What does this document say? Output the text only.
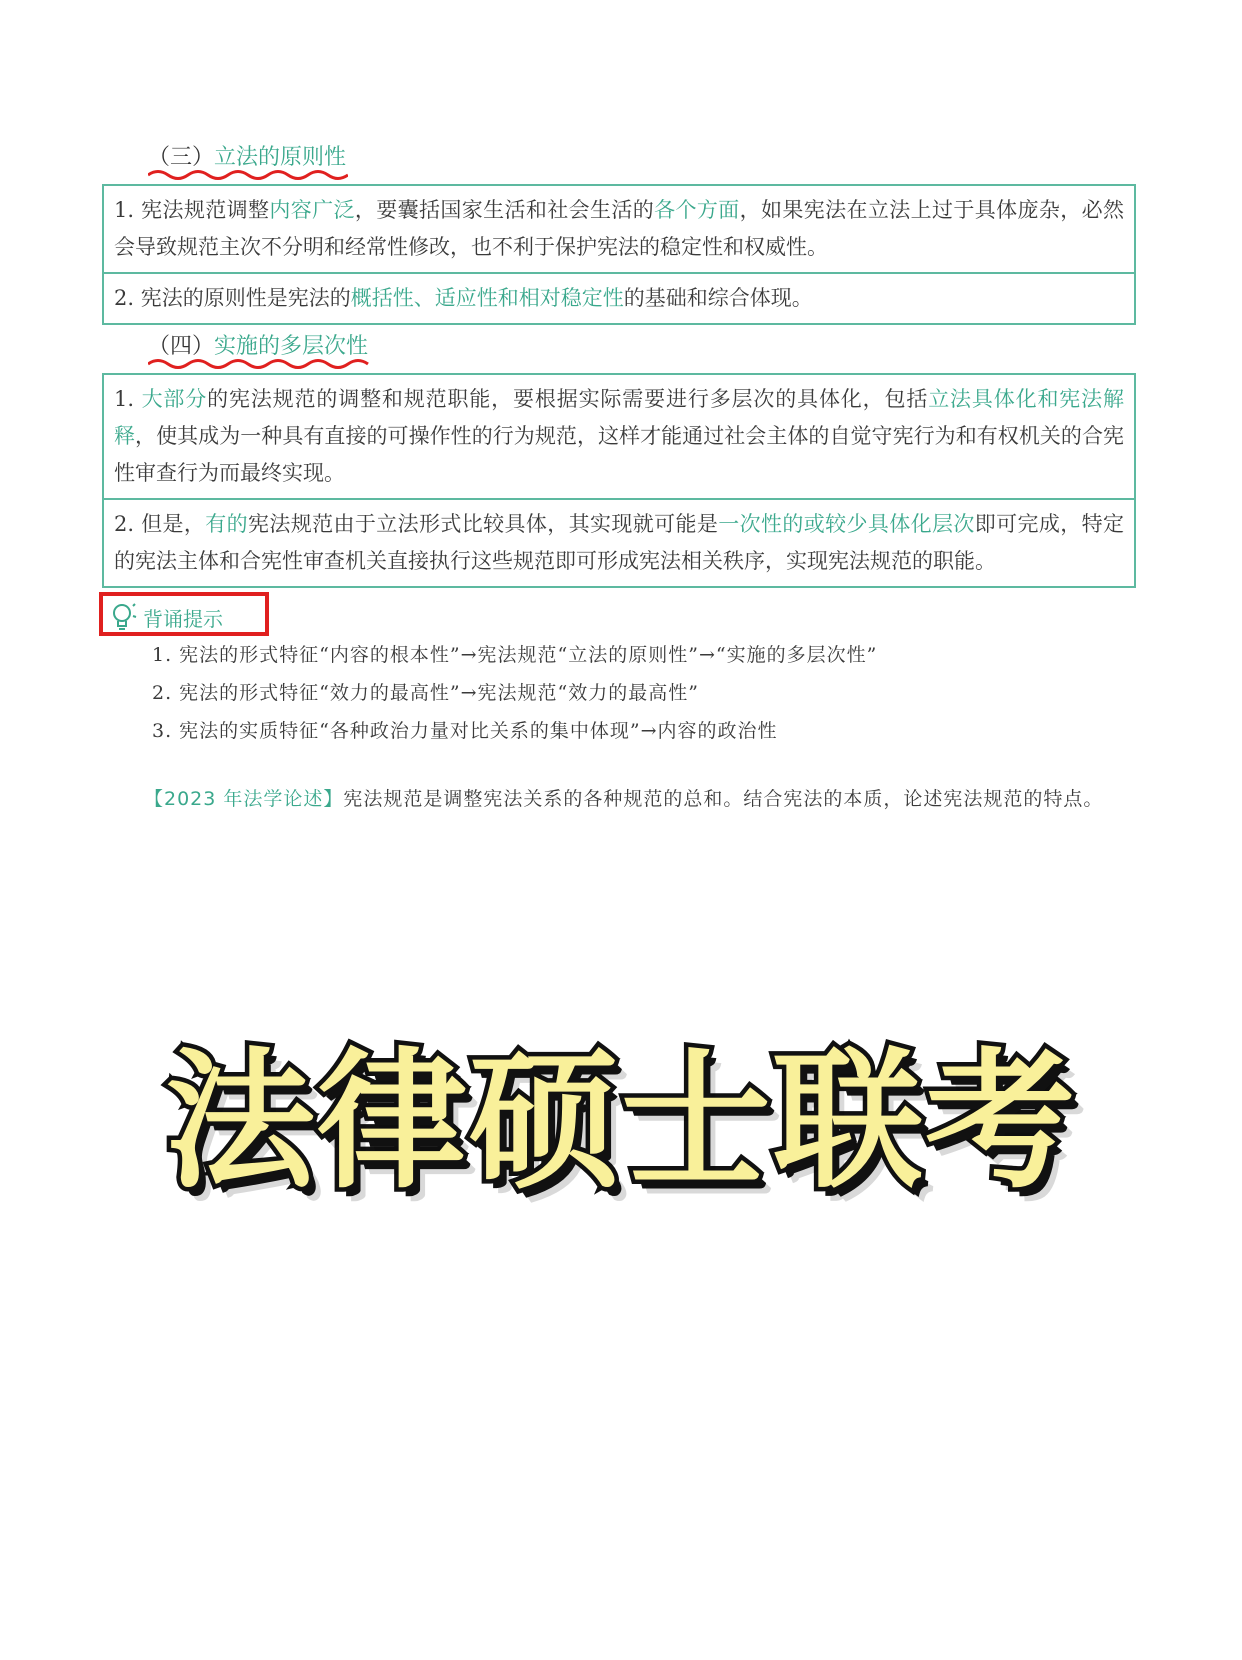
（三）立法的原则性
1. 宪法规范调整内容广泛，要囊括国家生活和社会生活的各个方面，如果宪法在立法上过于具体庞杂，必然会导致规范主次不分明和经常性修改，也不利于保护宪法的稳定性和权威性。
2. 宪法的原则性是宪法的概括性、适应性和相对稳定性的基础和综合体现。
（四）实施的多层次性
1. 大部分的宪法规范的调整和规范职能，要根据实际需要进行多层次的具体化，包括立法具体化和宪法解释，使其成为一种具有直接的可操作性的行为规范，这样才能通过社会主体的自觉守宪行为和有权机关的合宪性审查行为而最终实现。
2. 但是，有的宪法规范由于立法形式比较具体，其实现就可能是一次性的或较少具体化层次即可完成，特定的宪法主体和合宪性审查机关直接执行这些规范即可形成宪法相关秩序，实现宪法规范的职能。
背诵提示
1. 宪法的形式特征“内容的根本性”→宪法规范“立法的原则性”→“实施的多层次性”
2. 宪法的形式特征“效力的最高性”→宪法规范“效力的最高性”
3. 宪法的实质特征“各种政治力量对比关系的集中体现”→内容的政治性
【2023 年法学论述】宪法规范是调整宪法关系的各种规范的总和。结合宪法的本质，论述宪法规范的特点。
法律硕士联考
